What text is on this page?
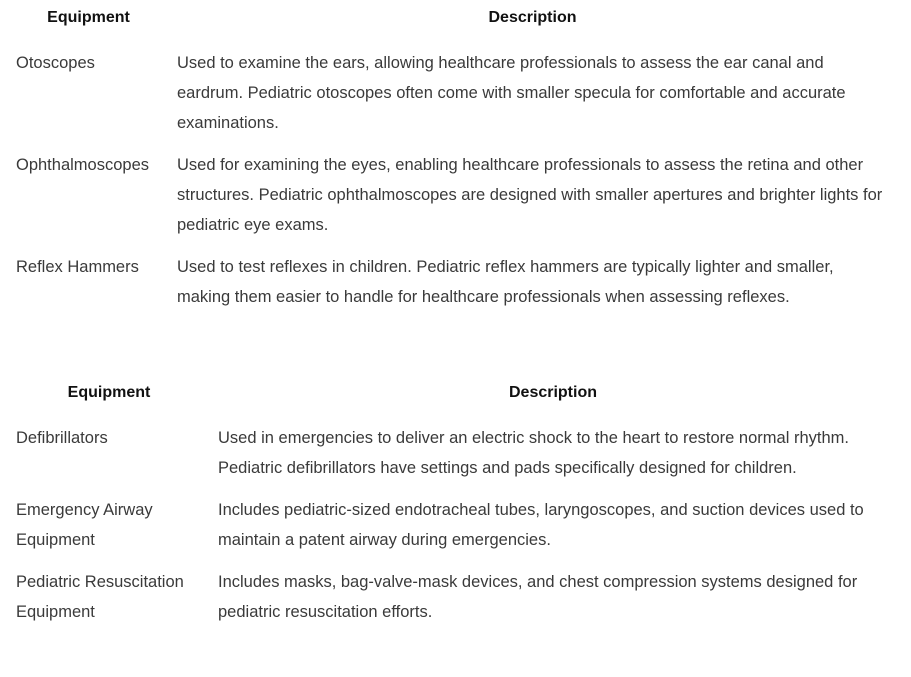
Equipment	Description
Otoscopes	Used to examine the ears, allowing healthcare professionals to assess the ear canal and eardrum. Pediatric otoscopes often come with smaller specula for comfortable and accurate examinations.
Ophthalmoscopes	Used for examining the eyes, enabling healthcare professionals to assess the retina and other structures. Pediatric ophthalmoscopes are designed with smaller apertures and brighter lights for pediatric eye exams.
Reflex Hammers	Used to test reflexes in children. Pediatric reflex hammers are typically lighter and smaller, making them easier to handle for healthcare professionals when assessing reflexes.
Equipment	Description
Defibrillators	Used in emergencies to deliver an electric shock to the heart to restore normal rhythm. Pediatric defibrillators have settings and pads specifically designed for children.
Emergency Airway Equipment	Includes pediatric-sized endotracheal tubes, laryngoscopes, and suction devices used to maintain a patent airway during emergencies.
Pediatric Resuscitation Equipment	Includes masks, bag-valve-mask devices, and chest compression systems designed for pediatric resuscitation efforts.
